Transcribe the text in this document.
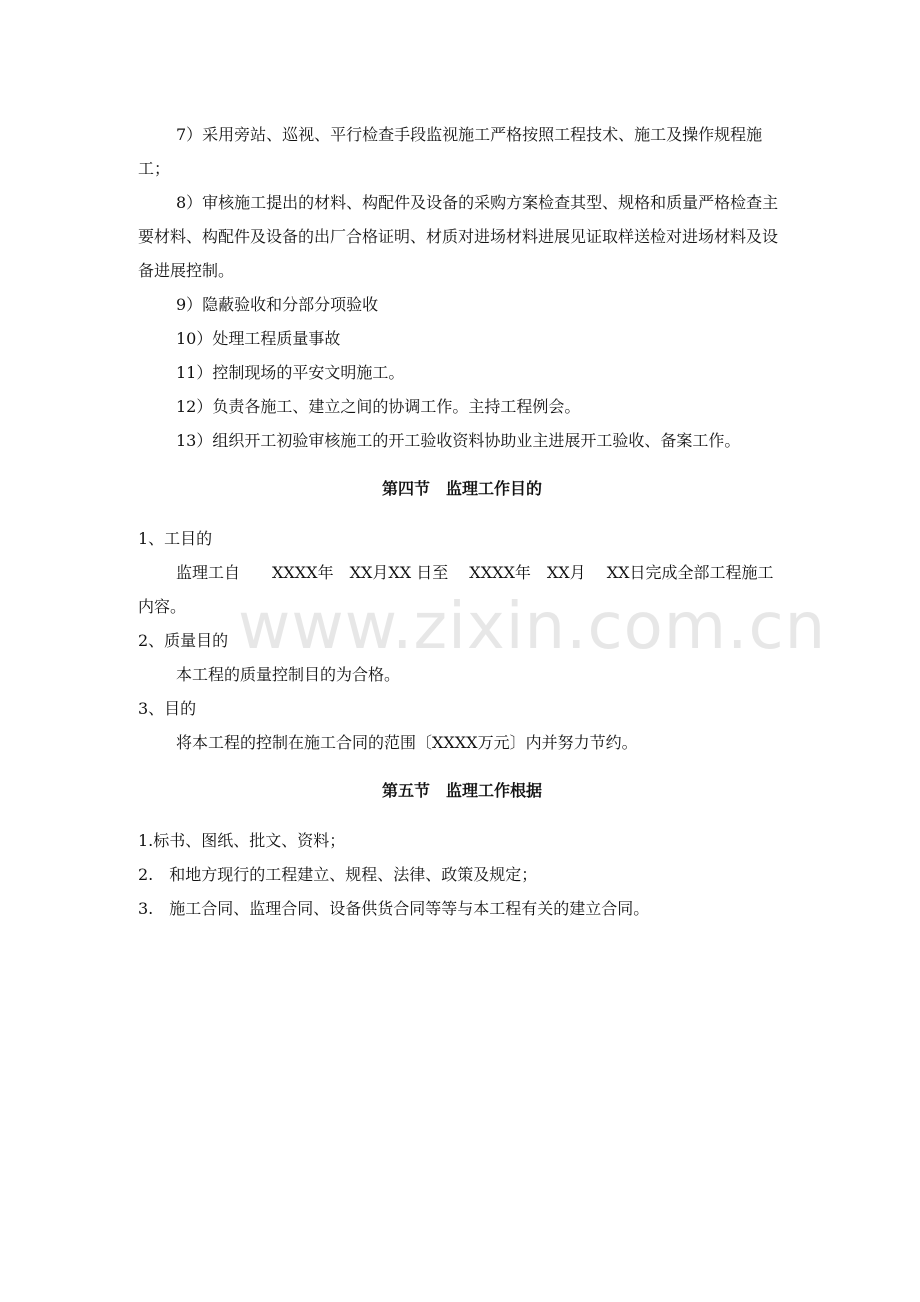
7）采用旁站、巡视、平行检查手段监视施工严格按照工程技术、施工及操作规程施工；

8）审核施工提出的材料、构配件及设备的采购方案检查其型、规格和质量严格检查主要材料、构配件及设备的出厂合格证明、材质对进场材料进展见证取样送检对进场材料及设备进展控制。

9）隐蔽验收和分部分项验收

10）处理工程质量事故

11）控制现场的平安文明施工。

12）负责各施工、建立之间的协调工作。主持工程例会。

13）组织开工初验审核施工的开工验收资料协助业主进展开工验收、备案工作。

第四节　监理工作目的

1、工目的

监理工自　　XXXX年　XX月XX 日至　 XXXX年　XX月　 XX日完成全部工程施工内容。

2、质量目的

本工程的质量控制目的为合格。

3、目的

将本工程的控制在施工合同的范围〔XXXX万元〕内并努力节约。

第五节　监理工作根据

1.标书、图纸、批文、资料；

2.　和地方现行的工程建立、规程、法律、政策及规定；

3.　施工合同、监理合同、设备供货合同等等与本工程有关的建立合同。

www.zixin.com.cn
